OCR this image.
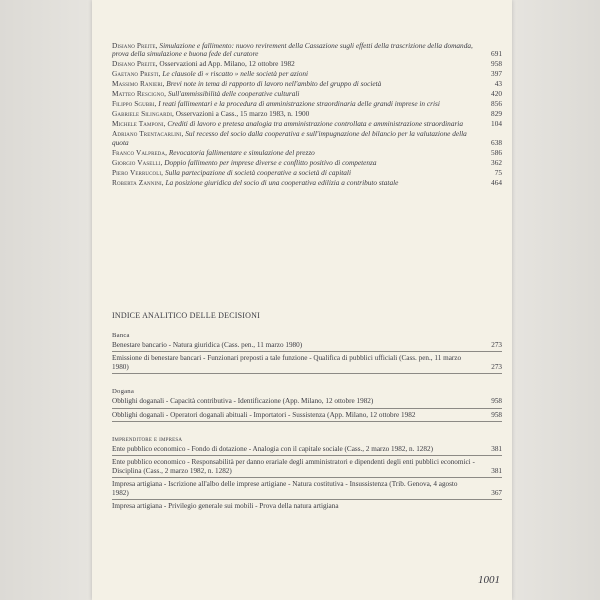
Disiano Preite, Simulazione e fallimento: nuovo revirement della Cassazione sugli effetti della trascrizione della domanda, prova della simulazione e buona fede del curatore	691
Disiano Preite, Osservazioni ad App. Milano, 12 ottobre 1982	958
Gaetano Presti, Le clausole di « riscatto » nelle società per azioni	397
Massimo Ranieri, Brevi note in tema di rapporto di lavoro nell'ambito del gruppo di società	43
Matteo Rescigno, Sull'ammissibilità delle cooperative culturali	420
Filippo Sgubbi, I reati fallimentari e la procedura di amministrazione straordinaria delle grandi imprese in crisi	856
Gabriele Silingardi, Osservazioni a Cass., 15 marzo 1983, n. 1900	829
Michele Tamponi, Crediti di lavoro e pretesa analogia tra amministrazione controllata e amministrazione straordinaria	104
Adriano Trentacarlini, Sul recesso del socio dalla cooperativa e sull'impugnazione del bilancio per la valutazione della quota	638
Franco Valpreda, Revocatoria fallimentare e simulazione del prezzo	586
Giorgio Vaselli, Doppio fallimento per imprese diverse e conflitto positivo di competenza	362
Piero Verrucoli, Sulla partecipazione di società cooperative a società di capitali	75
Roberta Zannini, La posizione giuridica del socio di una cooperativa edilizia a contributo statale	464
INDICE ANALITICO DELLE DECISIONI
Banca
Benestare bancario - Natura giuridica (Cass. pen., 11 marzo 1980)	273
Emissione di benestare bancari - Funzionari preposti a tale funzione - Qualifica di pubblici ufficiali (Cass. pen., 11 marzo 1980)	273
Dogana
Obblighi doganali - Capacità contributiva - Identificazione (App. Milano, 12 ottobre 1982)	958
Obblighi doganali - Operatori doganali abituali - Importatori - Sussistenza (App. Milano, 12 ottobre 1982	958
Imprenditore e impresa
Ente pubblico economico - Fondo di dotazione - Analogia con il capitale sociale (Cass., 2 marzo 1982, n. 1282)	381
Ente pubblico economico - Responsabilità per danno erariale degli amministratori e dipendenti degli enti pubblici economici - Disciplina (Cass., 2 marzo 1982, n. 1282)	381
Impresa artigiana - Iscrizione all'albo delle imprese artigiane - Natura costitutiva - Insussistenza (Trib. Genova, 4 agosto 1982)	367
Impresa artigiana - Privilegio generale sui mobili - Prova della natura artigiana
1001
